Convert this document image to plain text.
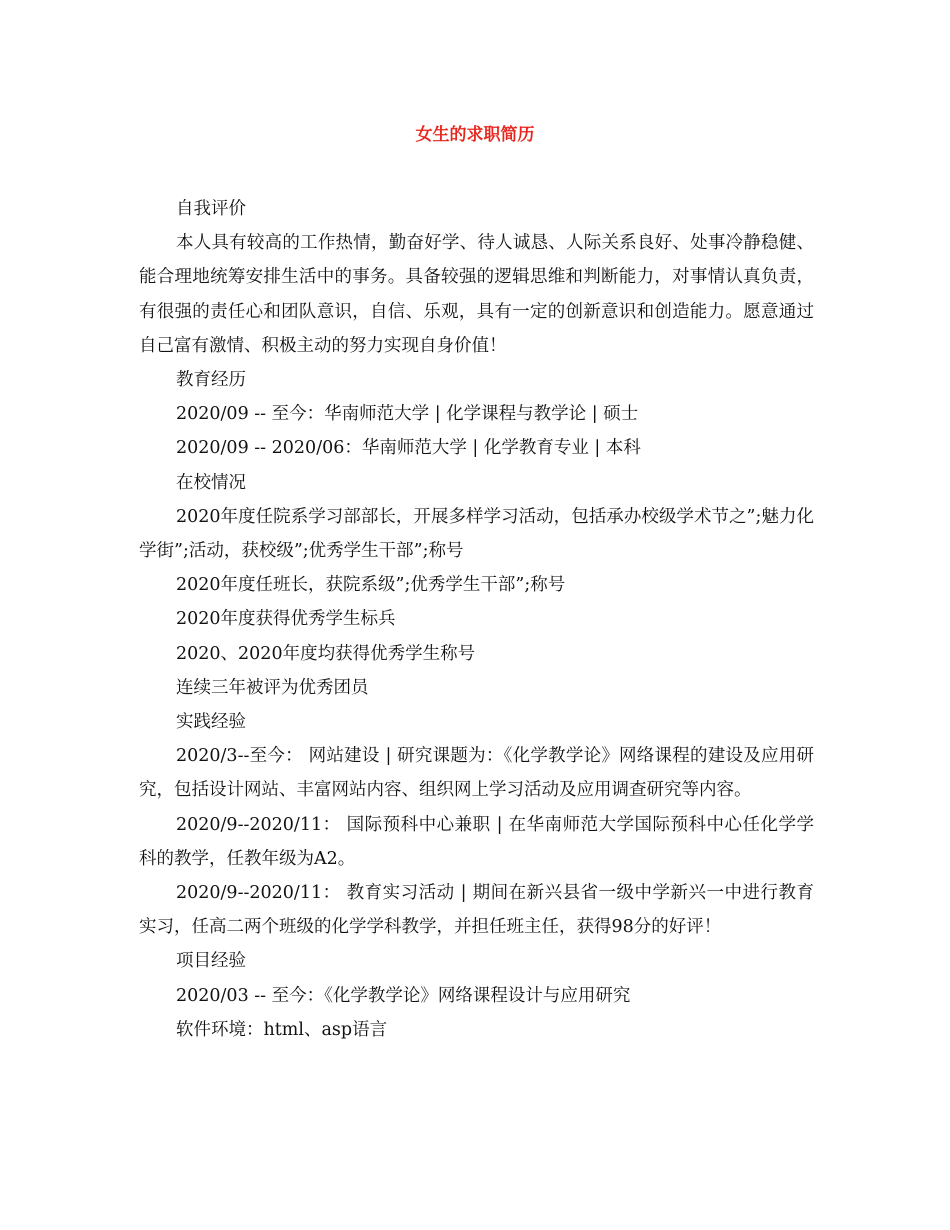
女生的求职简历

自我评价

本人具有较高的工作热情，勤奋好学、待人诚恳、人际关系良好、处事冷静稳健、能合理地统筹安排生活中的事务。具备较强的逻辑思维和判断能力，对事情认真负责，有很强的责任心和团队意识，自信、乐观，具有一定的创新意识和创造能力。愿意通过自己富有激情、积极主动的努力实现自身价值！

教育经历

2020/09 -- 至今：华南师范大学 | 化学课程与教学论 | 硕士

2020/09 -- 2020/06：华南师范大学 | 化学教育专业 | 本科

在校情况

2020年度任院系学习部部长，开展多样学习活动，包括承办校级学术节之”;魅力化学街”;活动，获校级”;优秀学生干部”;称号

2020年度任班长，获院系级”;优秀学生干部”;称号

2020年度获得优秀学生标兵

2020、2020年度均获得优秀学生称号

连续三年被评为优秀团员

实践经验

2020/3--至今： 网站建设 | 研究课题为：《化学教学论》网络课程的建设及应用研究，包括设计网站、丰富网站内容、组织网上学习活动及应用调查研究等内容。

2020/9--2020/11： 国际预科中心兼职 | 在华南师范大学国际预科中心任化学学科的教学，任教年级为A2。

2020/9--2020/11： 教育实习活动 | 期间在新兴县省一级中学新兴一中进行教育实习，任高二两个班级的化学学科教学，并担任班主任，获得98分的好评！

项目经验

2020/03 -- 至今：《化学教学论》网络课程设计与应用研究

软件环境：html、asp语言
